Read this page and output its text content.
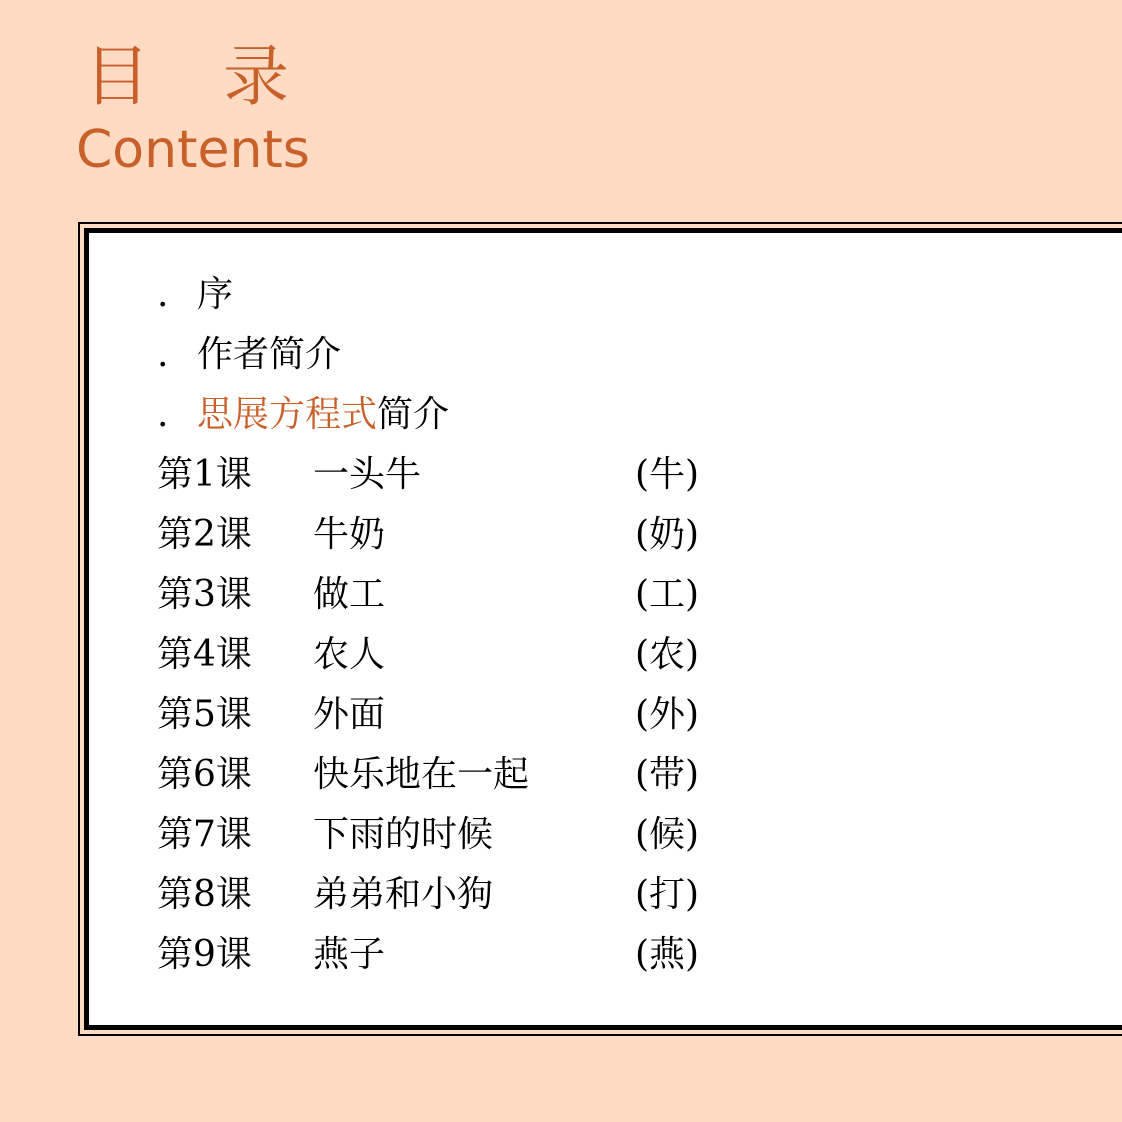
目 录
Contents
. 序
. 作者简介
. 思展方程式简介
第1课 一头牛	(牛)
第2课 牛奶	(奶)
第3课 做工	(工)
第4课 农人	(农)
第5课 外面	(外)
第6课 快乐地在一起	(带)
第7课 下雨的时候	(候)
第8课 弟弟和小狗	(打)
第9课 燕子	(燕)
